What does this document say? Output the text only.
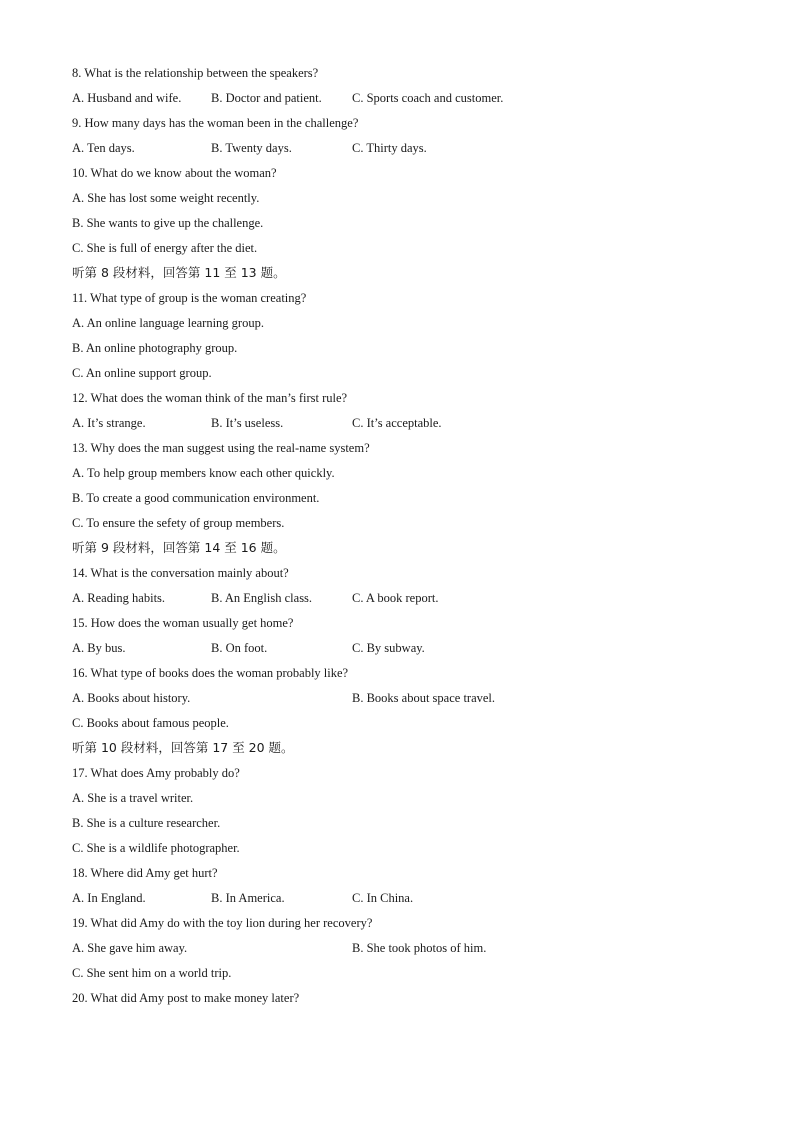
8. What is the relationship between the speakers?
A. Husband and wife. B. Doctor and patient. C. Sports coach and customer.
9. How many days has the woman been in the challenge?
A. Ten days.	B. Twenty days.	C. Thirty days.
10. What do we know about the woman?
A. She has lost some weight recently.
B. She wants to give up the challenge.
C. She is full of energy after the diet.
听第 8 段材料，回答第 11 至 13 题。
11. What type of group is the woman creating?
A. An online language learning group.
B. An online photography group.
C. An online support group.
12. What does the woman think of the man’s first rule?
A. It’s strange.	B. It’s useless.	C. It’s acceptable.
13. Why does the man suggest using the real-name system?
A. To help group members know each other quickly.
B. To create a good communication environment.
C. To ensure the sefety of group members.
听第 9 段材料，回答第 14 至 16 题。
14. What is the conversation mainly about?
A. Reading habits.	B. An English class.	C. A book report.
15. How does the woman usually get home?
A. By bus.	B. On foot.	C. By subway.
16. What type of books does the woman probably like?
A. Books about history.	B. Books about space travel.
C. Books about famous people.
听第 10 段材料，回答第 17 至 20 题。
17. What does Amy probably do?
A. She is a travel writer.
B. She is a culture researcher.
C. She is a wildlife photographer.
18. Where did Amy get hurt?
A. In England.	B. In America.	C. In China.
19. What did Amy do with the toy lion during her recovery?
A. She gave him away.	B. She took photos of him.
C. She sent him on a world trip.
20. What did Amy post to make money later?
